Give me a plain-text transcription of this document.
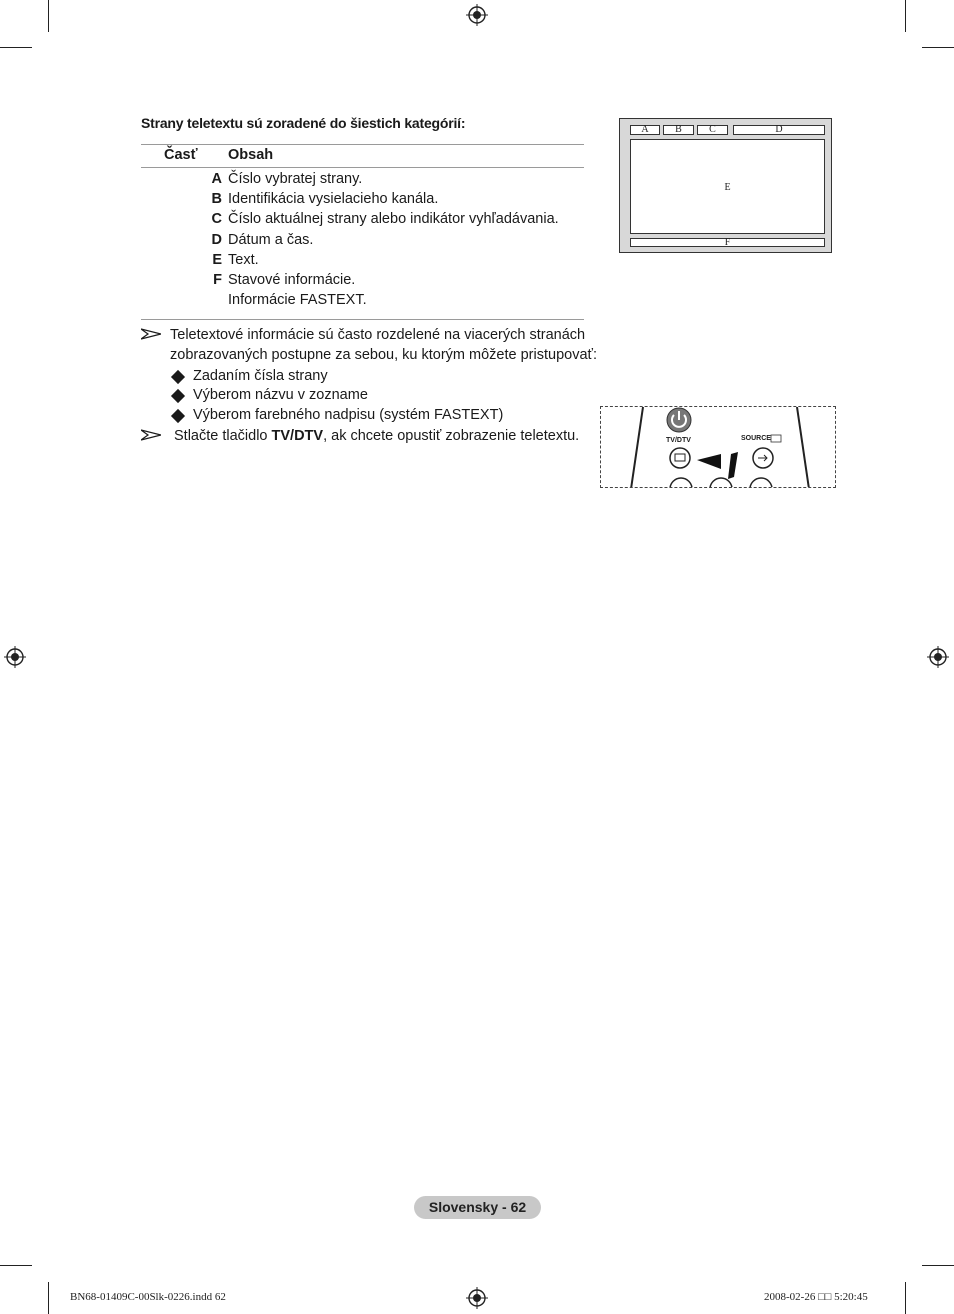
Strany teletextu sú zoradené do šiestich kategórií:
Časť Obsah
A Číslo vybratej strany.
B Identifikácia vysielacieho kanála.
C Číslo aktuálnej strany alebo indikátor vyhľadávania.
D Dátum a čas.
E Text.
F Stavové informácie.
Informácie FASTEXT.
Teletextové informácie sú často rozdelené na viacerých stranách
zobrazovaných postupne za sebou, ku ktorým môžete pristupovať:
Zadaním čísla strany
Výberom názvu v zozname
Výberom farebného nadpisu (systém FASTEXT)
Stlačte tlačidlo TV/DTV, ak chcete opustiť zobrazenie teletextu.
A	B	C	D
E
F
TV/DTV	SOURCE
Slovensky - 62
BN68-01409C-00Slk-0226.indd 62	2008-02-26 □□ 5:20:45
